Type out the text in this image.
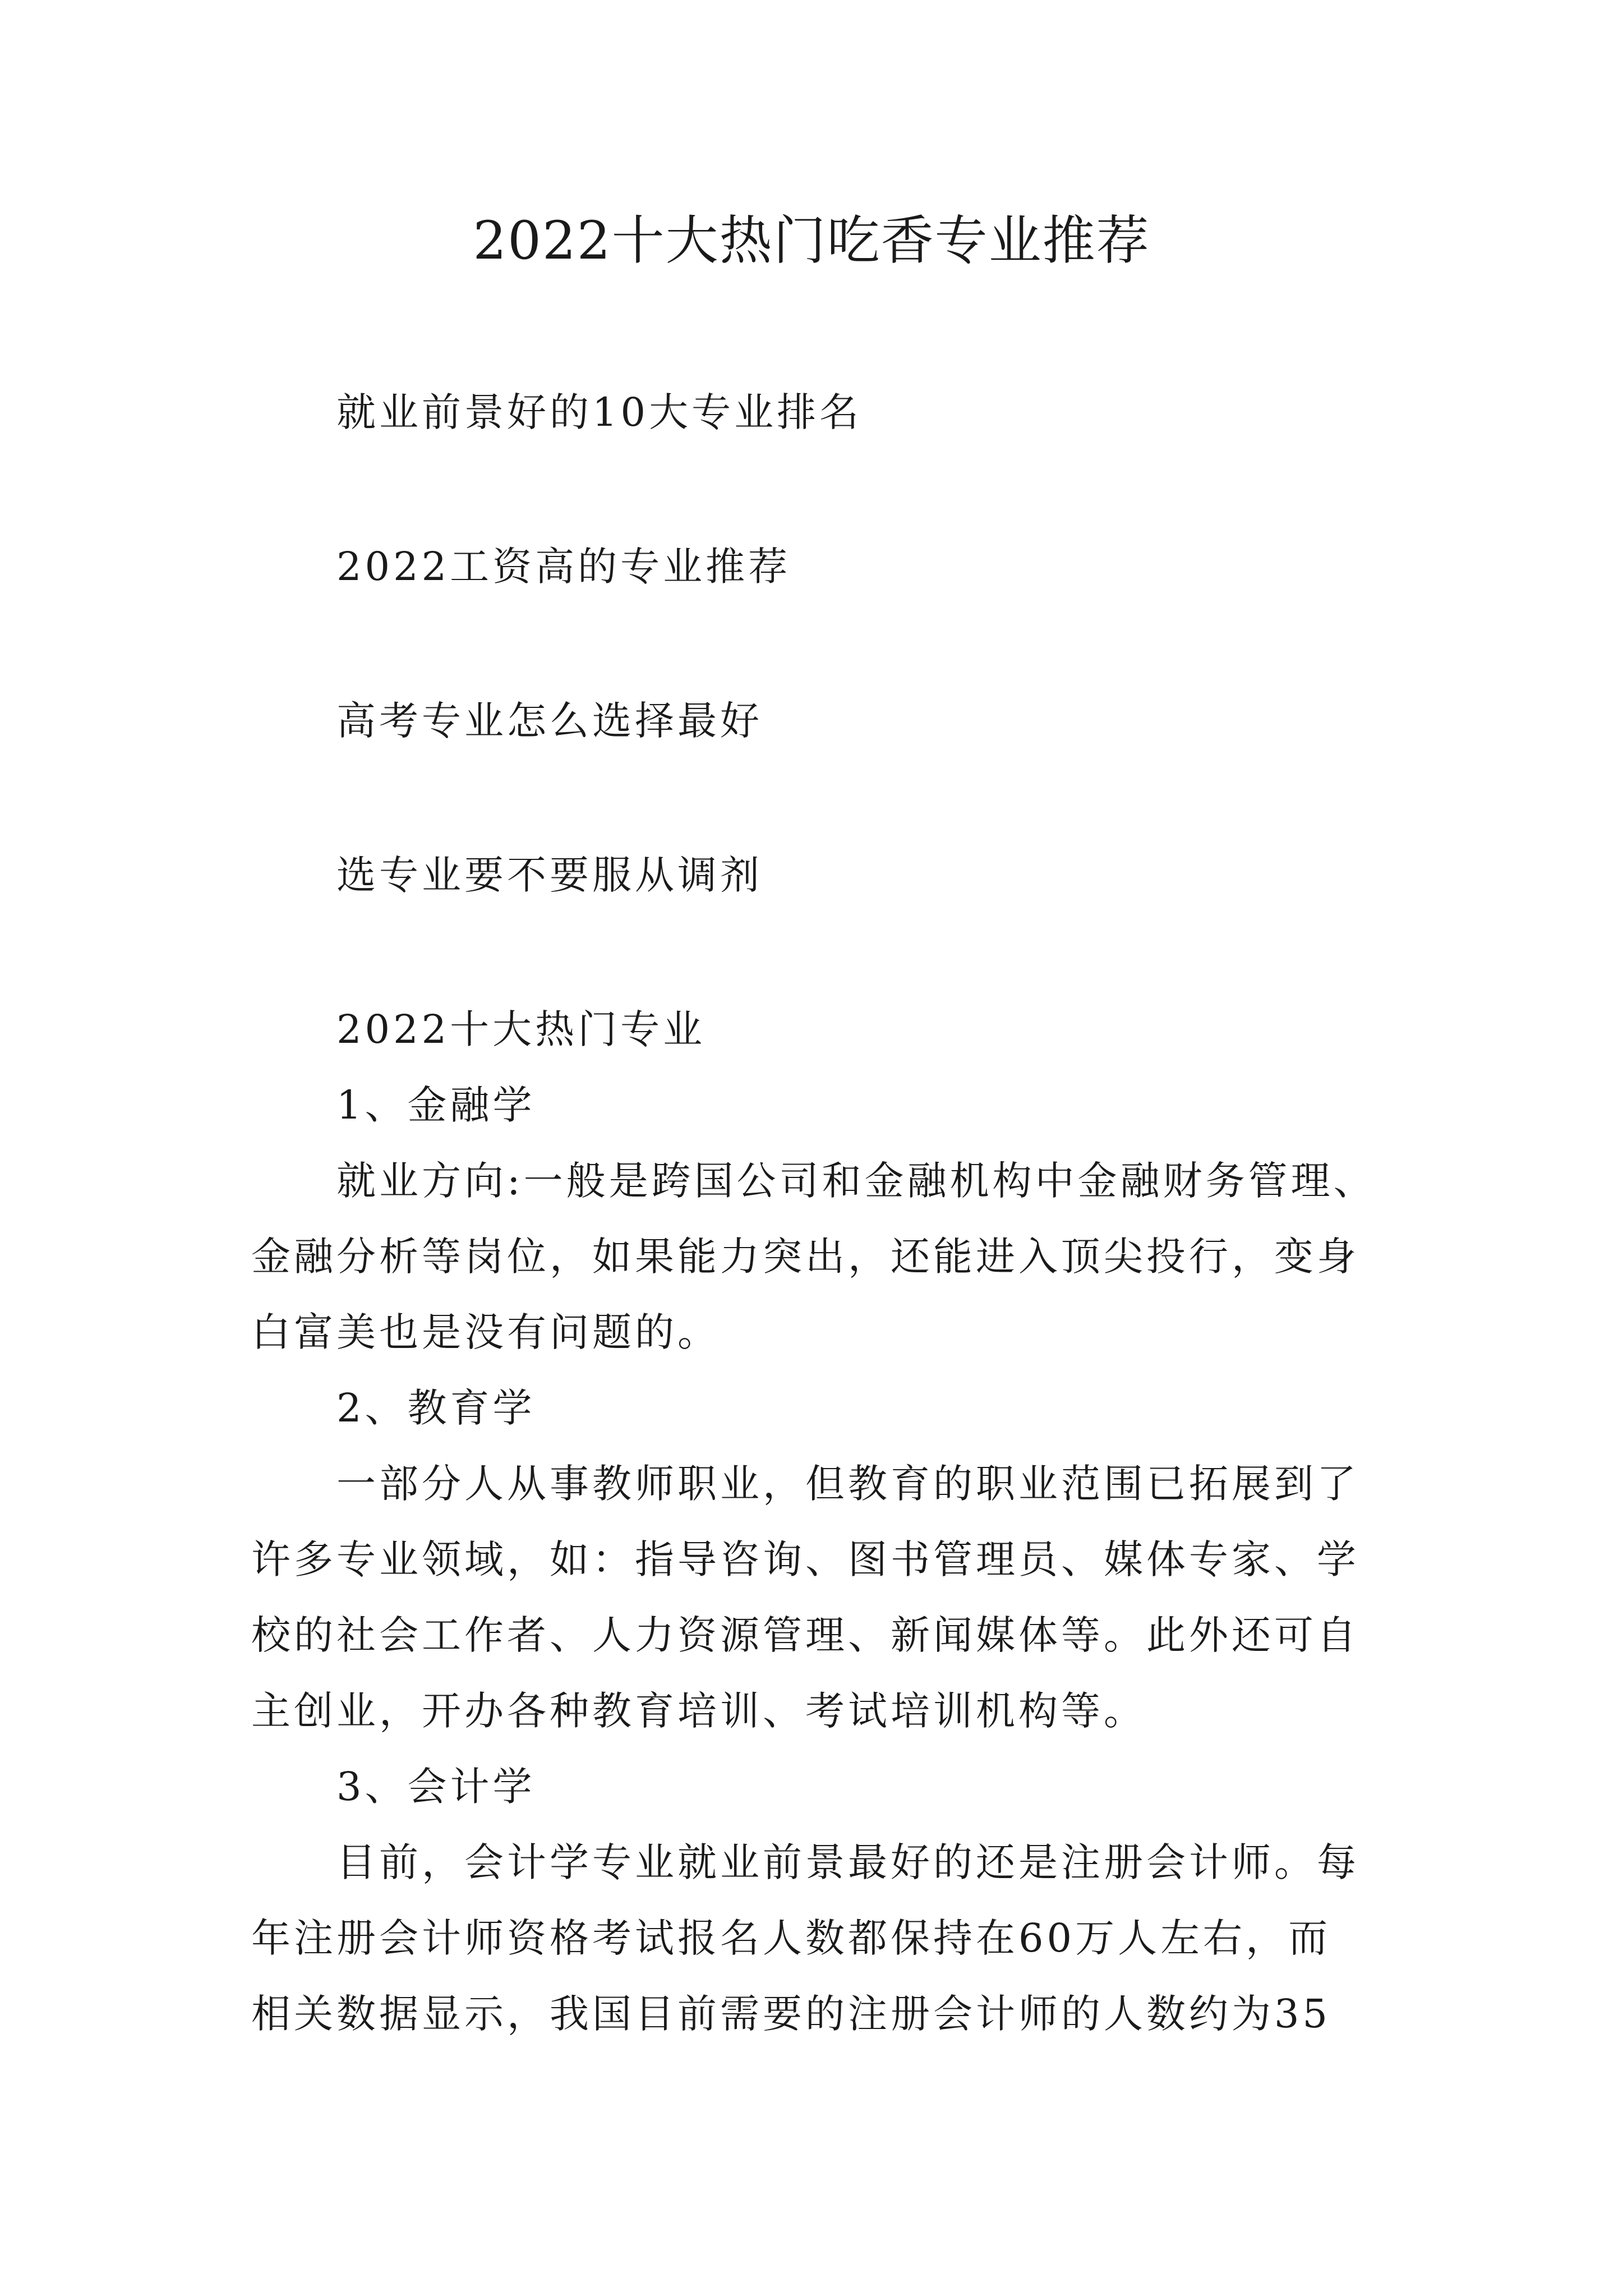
2022十大热门吃香专业推荐

就业前景好的10大专业排名

2022工资高的专业推荐

高考专业怎么选择最好

选专业要不要服从调剂

2022十大热门专业

1、金融学

就业方向:一般是跨国公司和金融机构中金融财务管理、

金融分析等岗位，如果能力突出，还能进入顶尖投行，变身

白富美也是没有问题的。

2、教育学

一部分人从事教师职业，但教育的职业范围已拓展到了

许多专业领域，如：指导咨询、图书管理员、媒体专家、学

校的社会工作者、人力资源管理、新闻媒体等。此外还可自

主创业，开办各种教育培训、考试培训机构等。

3、会计学

目前，会计学专业就业前景最好的还是注册会计师。每

年注册会计师资格考试报名人数都保持在60万人左右，而

相关数据显示，我国目前需要的注册会计师的人数约为35
